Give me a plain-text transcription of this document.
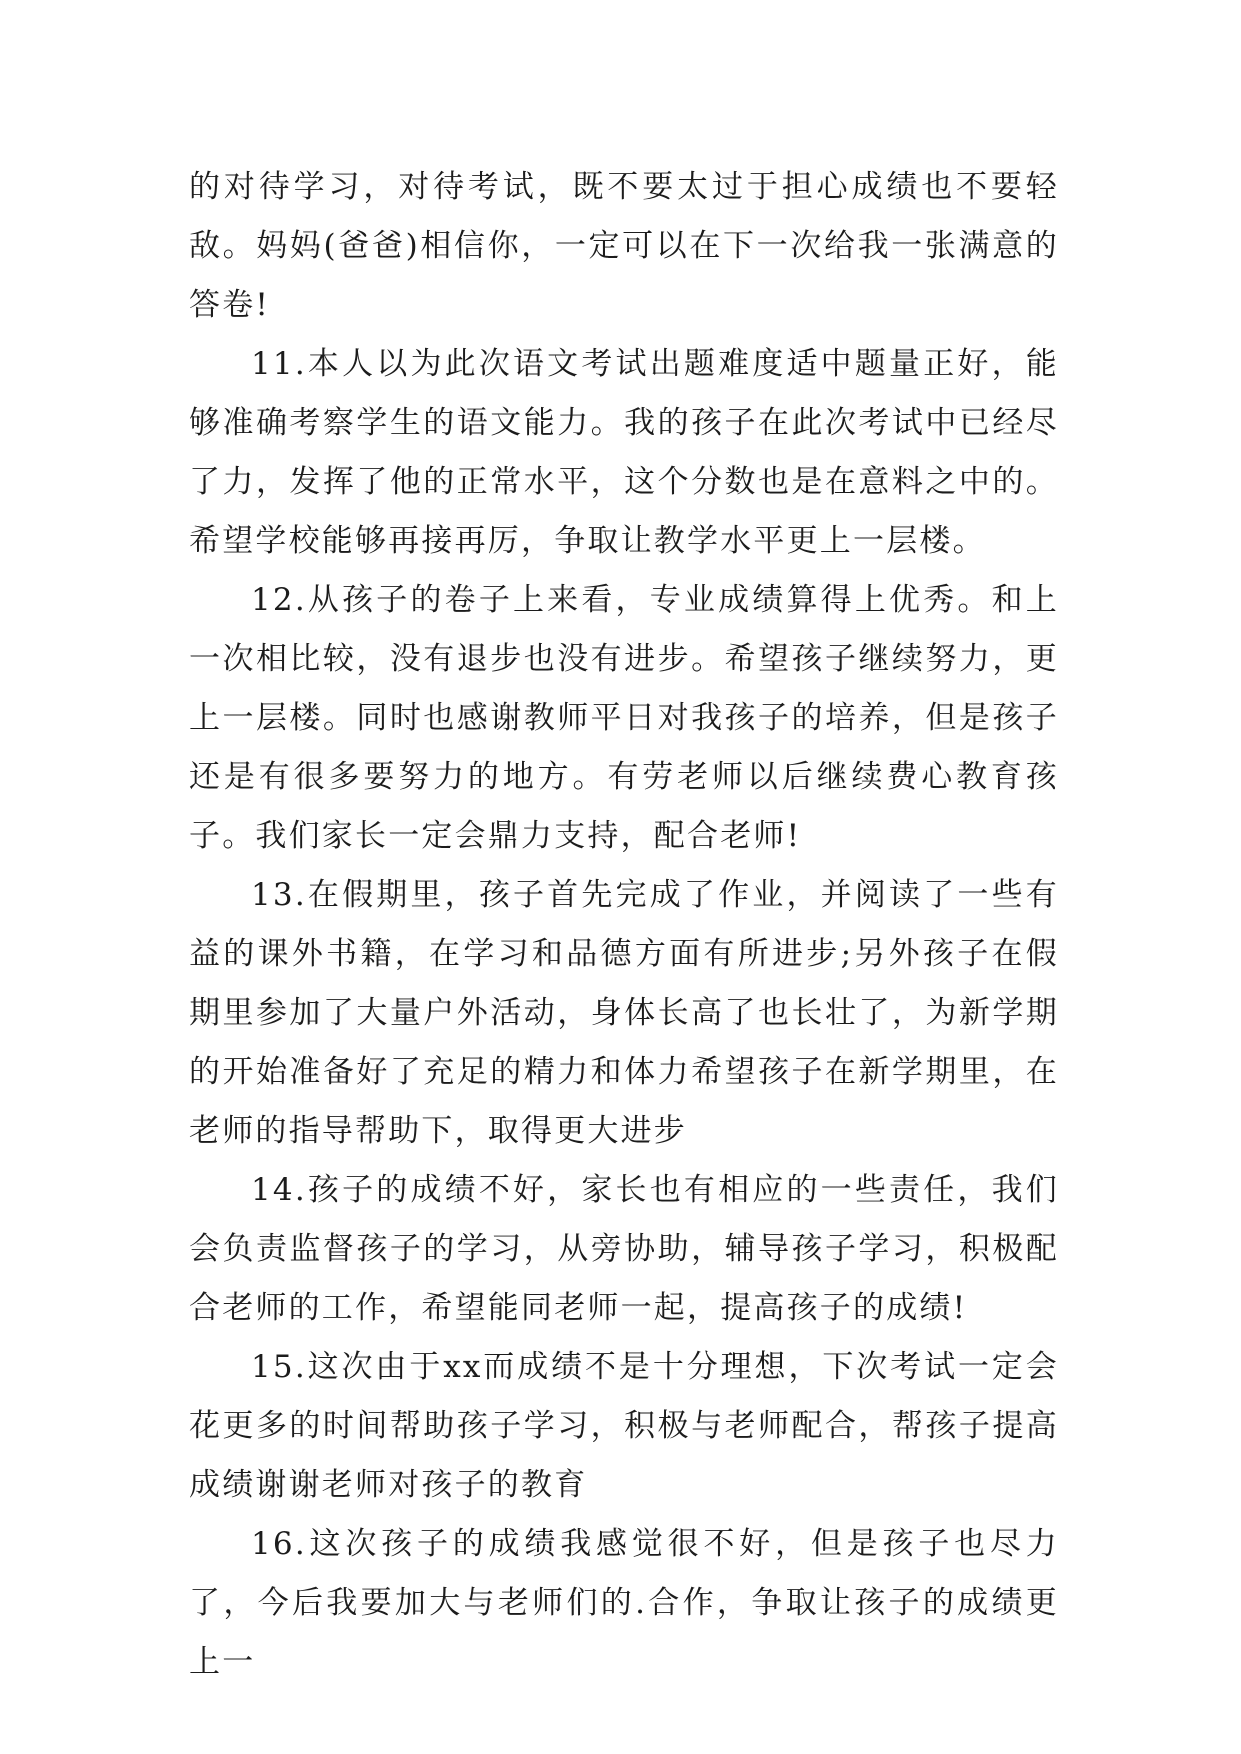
的对待学习，对待考试，既不要太过于担心成绩也不要轻敌。妈妈(爸爸)相信你，一定可以在下一次给我一张满意的答卷!

11.本人以为此次语文考试出题难度适中题量正好，能够准确考察学生的语文能力。我的孩子在此次考试中已经尽了力，发挥了他的正常水平，这个分数也是在意料之中的。希望学校能够再接再厉，争取让教学水平更上一层楼。

12.从孩子的卷子上来看，专业成绩算得上优秀。和上一次相比较，没有退步也没有进步。希望孩子继续努力，更上一层楼。同时也感谢教师平日对我孩子的培养，但是孩子还是有很多要努力的地方。有劳老师以后继续费心教育孩子。我们家长一定会鼎力支持，配合老师!

13.在假期里，孩子首先完成了作业，并阅读了一些有益的课外书籍，在学习和品德方面有所进步;另外孩子在假期里参加了大量户外活动，身体长高了也长壮了，为新学期的开始准备好了充足的精力和体力希望孩子在新学期里，在老师的指导帮助下，取得更大进步

14.孩子的成绩不好，家长也有相应的一些责任，我们会负责监督孩子的学习，从旁协助，辅导孩子学习，积极配合老师的工作，希望能同老师一起，提高孩子的成绩!

15.这次由于xx而成绩不是十分理想，下次考试一定会花更多的时间帮助孩子学习，积极与老师配合，帮孩子提高成绩谢谢老师对孩子的教育

16.这次孩子的成绩我感觉很不好，但是孩子也尽力了，今后我要加大与老师们的.合作，争取让孩子的成绩更上一
